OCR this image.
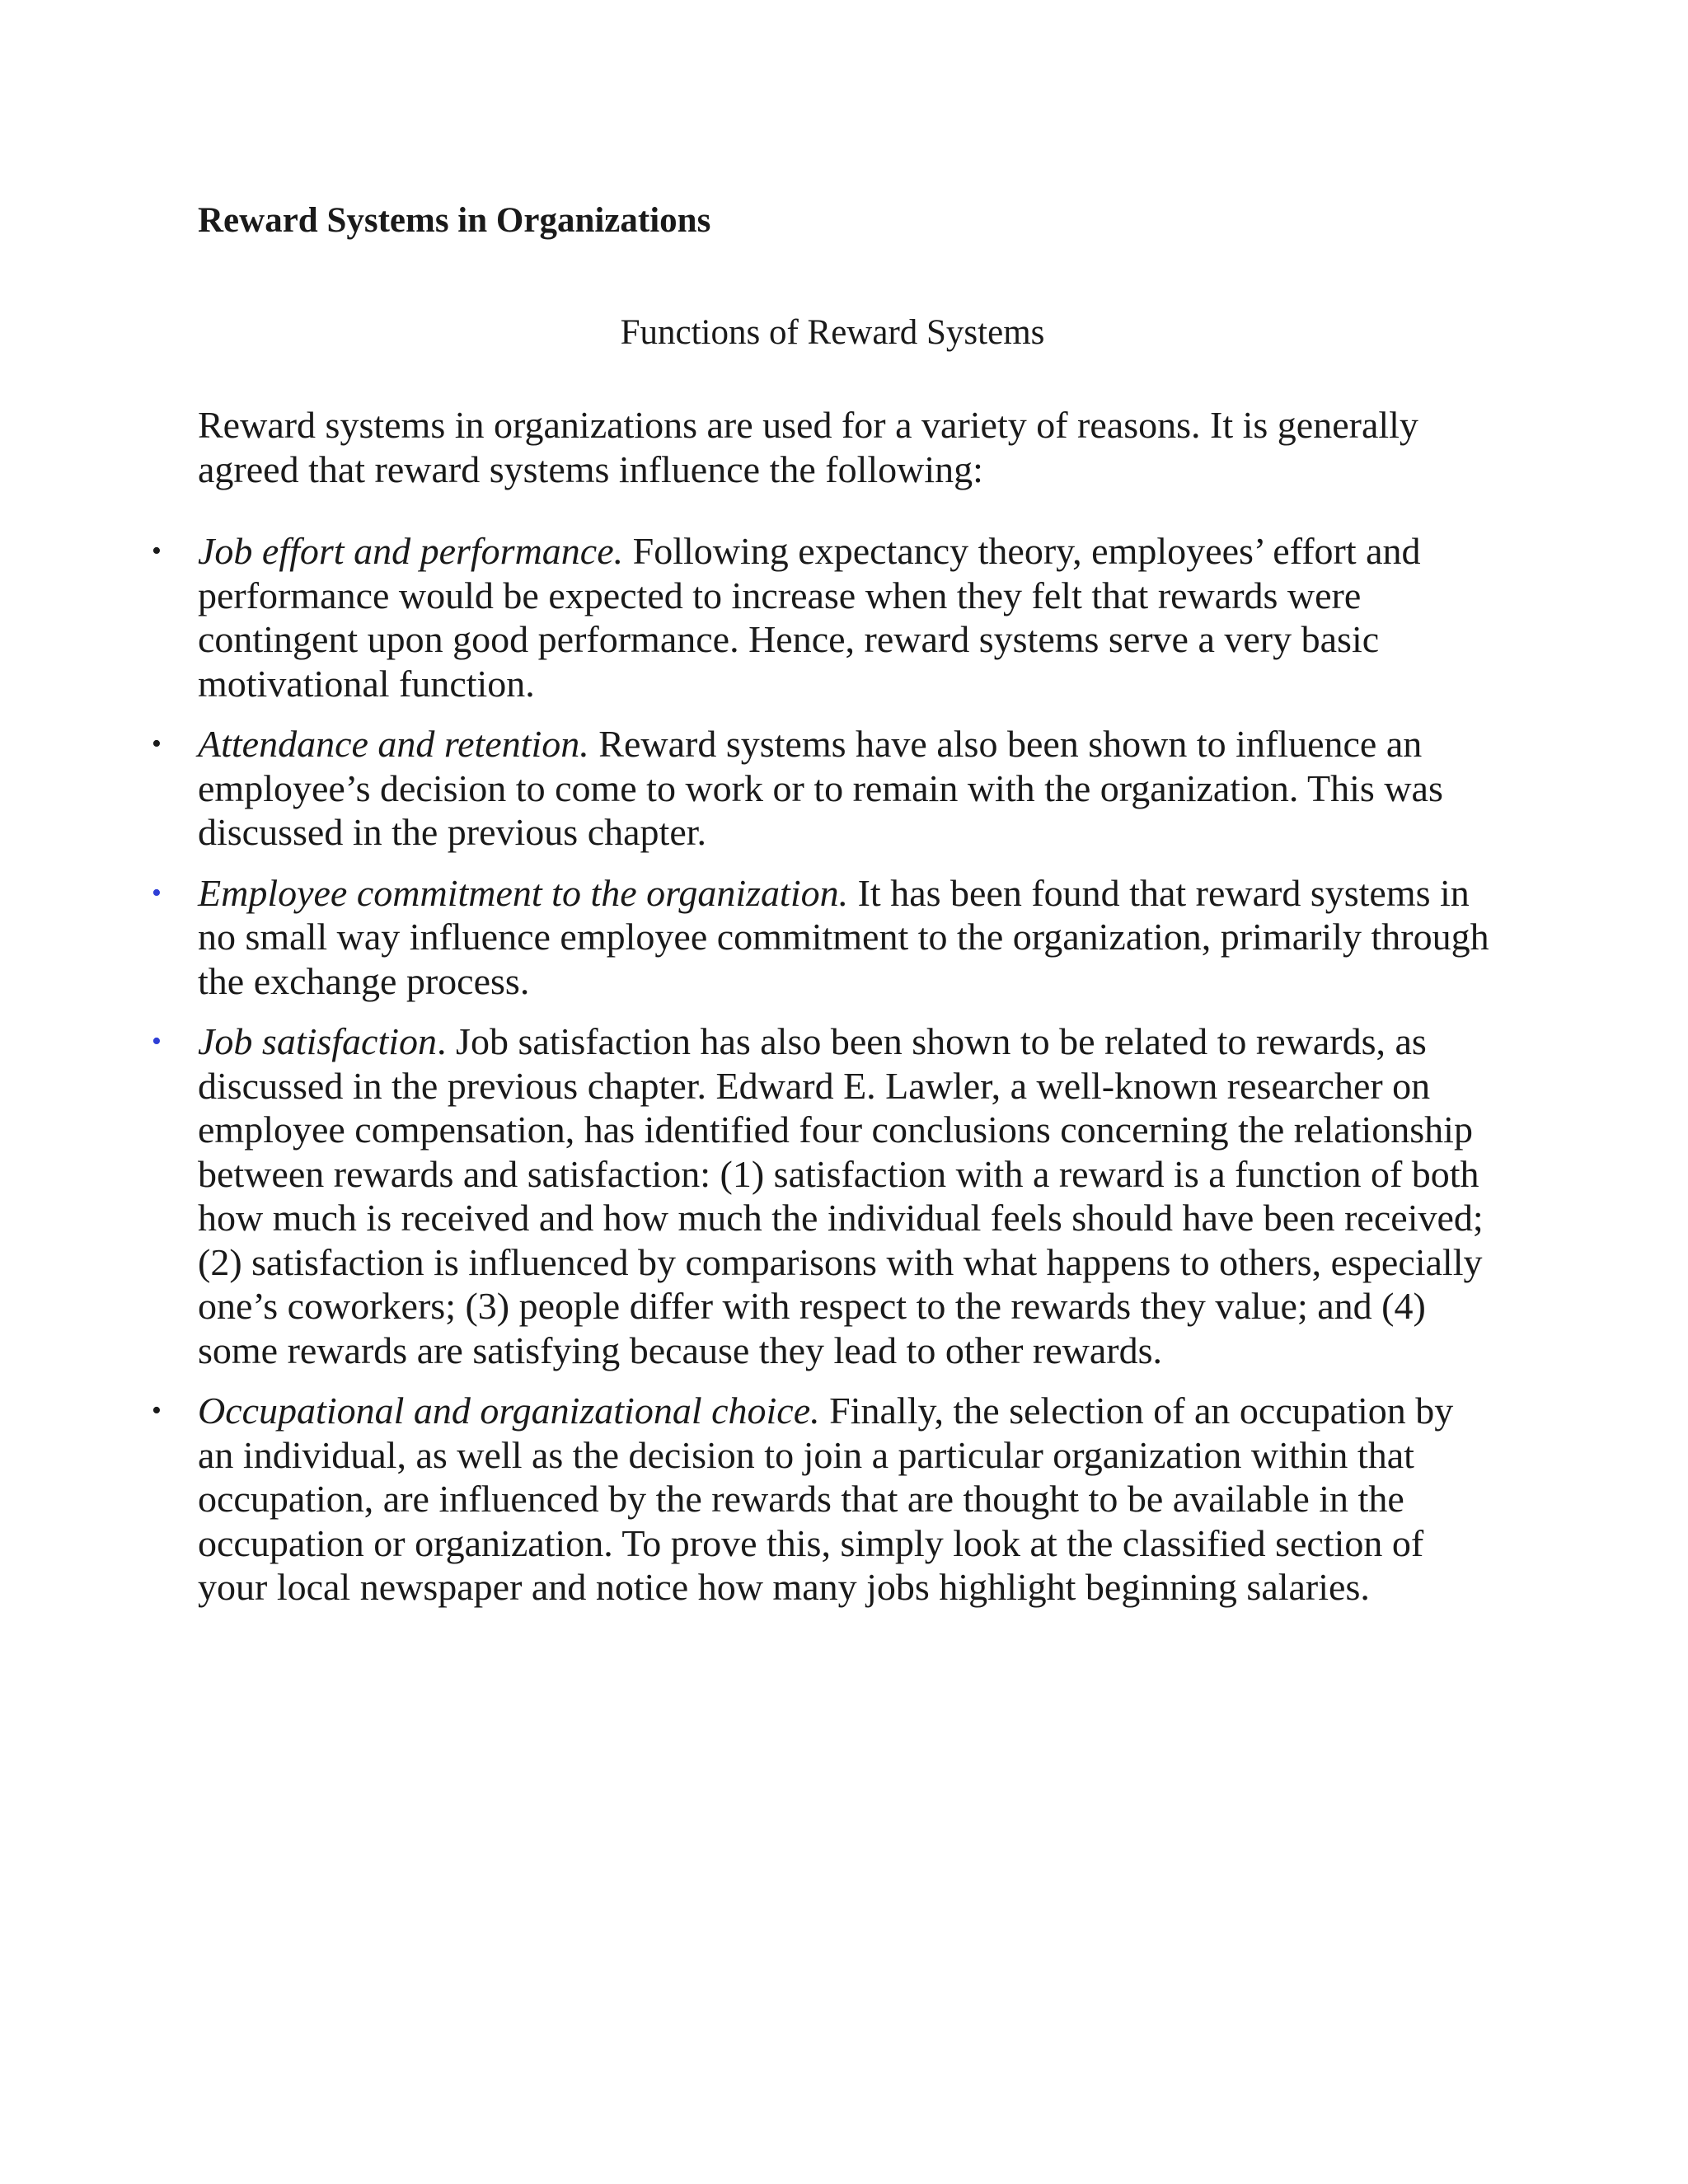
Reward Systems in Organizations
Functions of Reward Systems

Reward systems in organizations are used for a variety of reasons. It is generally agreed that reward systems influence the following:

• Job effort and performance. Following expectancy theory, employees’ effort and performance would be expected to increase when they felt that rewards were contingent upon good performance. Hence, reward systems serve a very basic motivational function.
• Attendance and retention. Reward systems have also been shown to influence an employee’s decision to come to work or to remain with the organization. This was discussed in the previous chapter.
• Employee commitment to the organization. It has been found that reward systems in no small way influence employee commitment to the organization, primarily through the exchange process.
• Job satisfaction. Job satisfaction has also been shown to be related to rewards, as discussed in the previous chapter. Edward E. Lawler, a well-known researcher on employee compensation, has identified four conclusions concerning the relationship between rewards and satisfaction: (1) satisfaction with a reward is a function of both how much is received and how much the individual feels should have been received; (2) satisfaction is influenced by comparisons with what happens to others, especially one’s coworkers; (3) people differ with respect to the rewards they value; and (4) some rewards are satisfying because they lead to other rewards.
• Occupational and organizational choice. Finally, the selection of an occupation by an individual, as well as the decision to join a particular organization within that occupation, are influenced by the rewards that are thought to be available in the occupation or organization. To prove this, simply look at the classified section of your local newspaper and notice how many jobs highlight beginning salaries.
